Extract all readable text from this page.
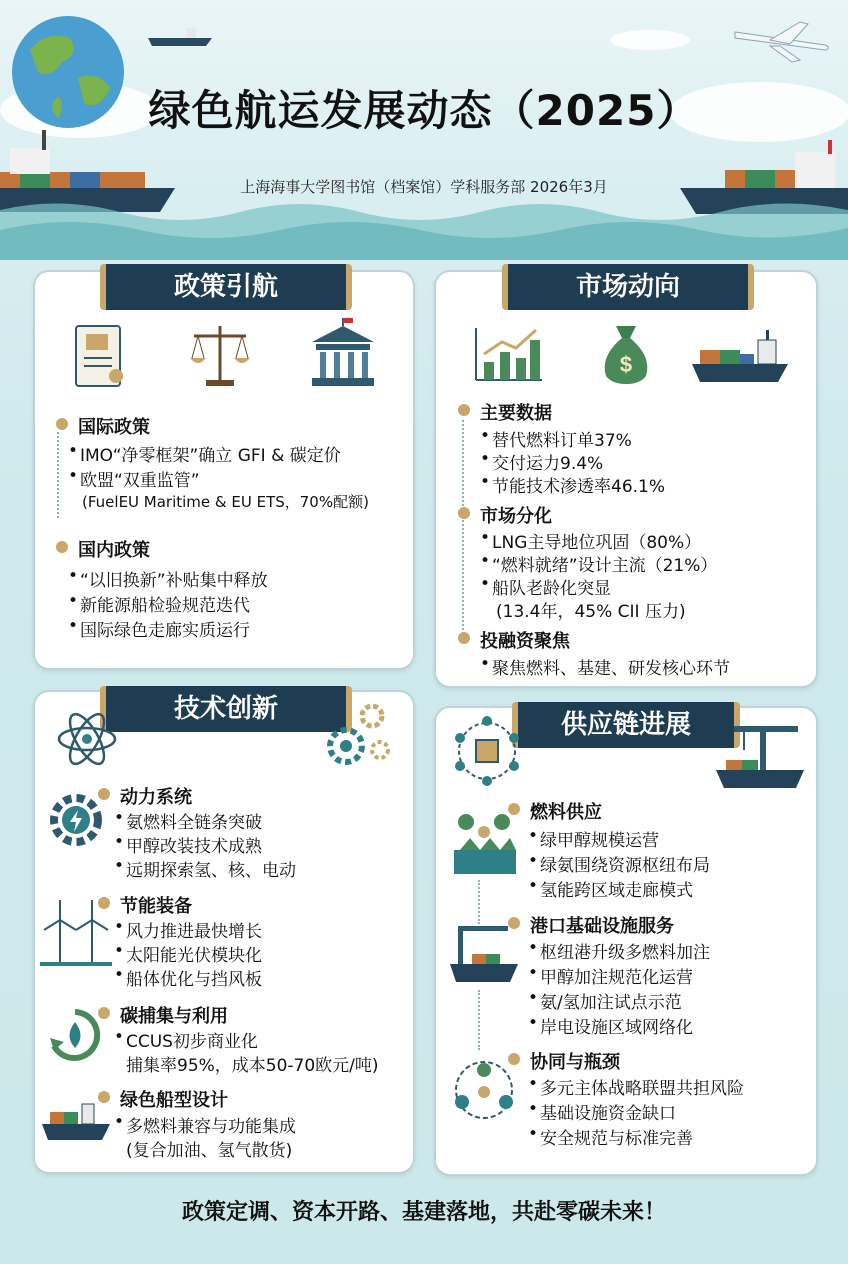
绿色航运发展动态（2025）
上海海事大学图书馆（档案馆）学科服务部 2026年3月
政策引航
国际政策
• IMO“净零框架”确立 GFI & 碳定价
• 欧盟“双重监管”
(FuelEU Maritime & EU ETS，70%配额)
国内政策
• “以旧换新”补贴集中释放
• 新能源船检验规范迭代
• 国际绿色走廊实质运行
市场动向
$
主要数据
• 替代燃料订单37%
• 交付运力9.4%
• 节能技术渗透率46.1%
市场分化
• LNG主导地位巩固（80%）
• “燃料就绪”设计主流（21%）
• 船队老龄化突显
(13.4年，45% CII 压力)
投融资聚焦
• 聚焦燃料、基建、研发核心环节
技术创新
动力系统
• 氨燃料全链条突破
• 甲醇改装技术成熟
• 远期探索氢、核、电动
节能装备
• 风力推进最快增长
• 太阳能光伏模块化
• 船体优化与挡风板
碳捕集与利用
• CCUS初步商业化
捕集率95%，成本50-70欧元/吨)
绿色船型设计
• 多燃料兼容与功能集成
(复合加油、氢气散货)
供应链进展
燃料供应
• 绿甲醇规模运营
• 绿氨围绕资源枢纽布局
• 氢能跨区域走廊模式
港口基础设施服务
• 枢纽港升级多燃料加注
• 甲醇加注规范化运营
• 氨/氢加注试点示范
• 岸电设施区域网络化
协同与瓶颈
• 多元主体战略联盟共担风险
• 基础设施资金缺口
• 安全规范与标准完善
政策定调、资本开路、基建落地，共赴零碳未来！
